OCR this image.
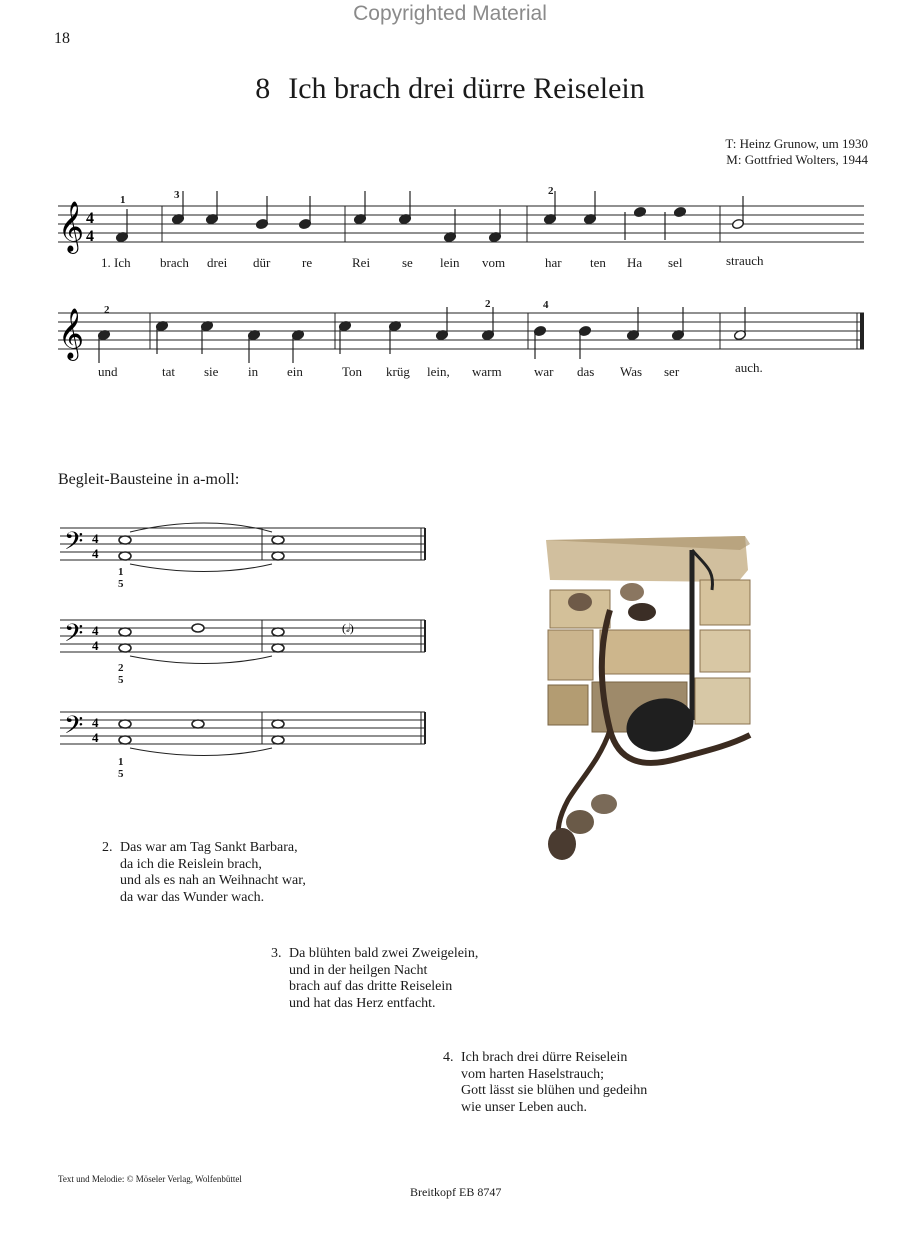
Copyrighted Material
18
8 Ich brach drei dürre Reiselein
T: Heinz Grunow, um 1930
M: Gottfried Wolters, 1944
𝄞 4
4
1. Ich brach drei dür re	Rei se lein vom	har ten Ha sel	strauch
1	3	2
𝄞
und	tat sie in ein	Ton krüg lein, warm war das Was ser	auch.
2	2	4
Begleit-Bausteine in a-moll:
𝄢 4
4
𝄢 4
4
(𝅗𝅥)
𝄢 4
4
1
5
2
5
1
5
2. Das war am Tag Sankt Barbara,
da ich die Reislein brach,
und als es nah an Weihnacht war,
da war das Wunder wach.
3. Da blühten bald zwei Zweigelein,
und in der heilgen Nacht
brach auf das dritte Reiselein
und hat das Herz entfacht.
4. Ich brach drei dürre Reiselein
vom harten Haselstrauch;
Gott lässt sie blühen und gedeihn
wie unser Leben auch.
Text und Melodie: © Möseler Verlag, Wolfenbüttel
Breitkopf EB 8747
